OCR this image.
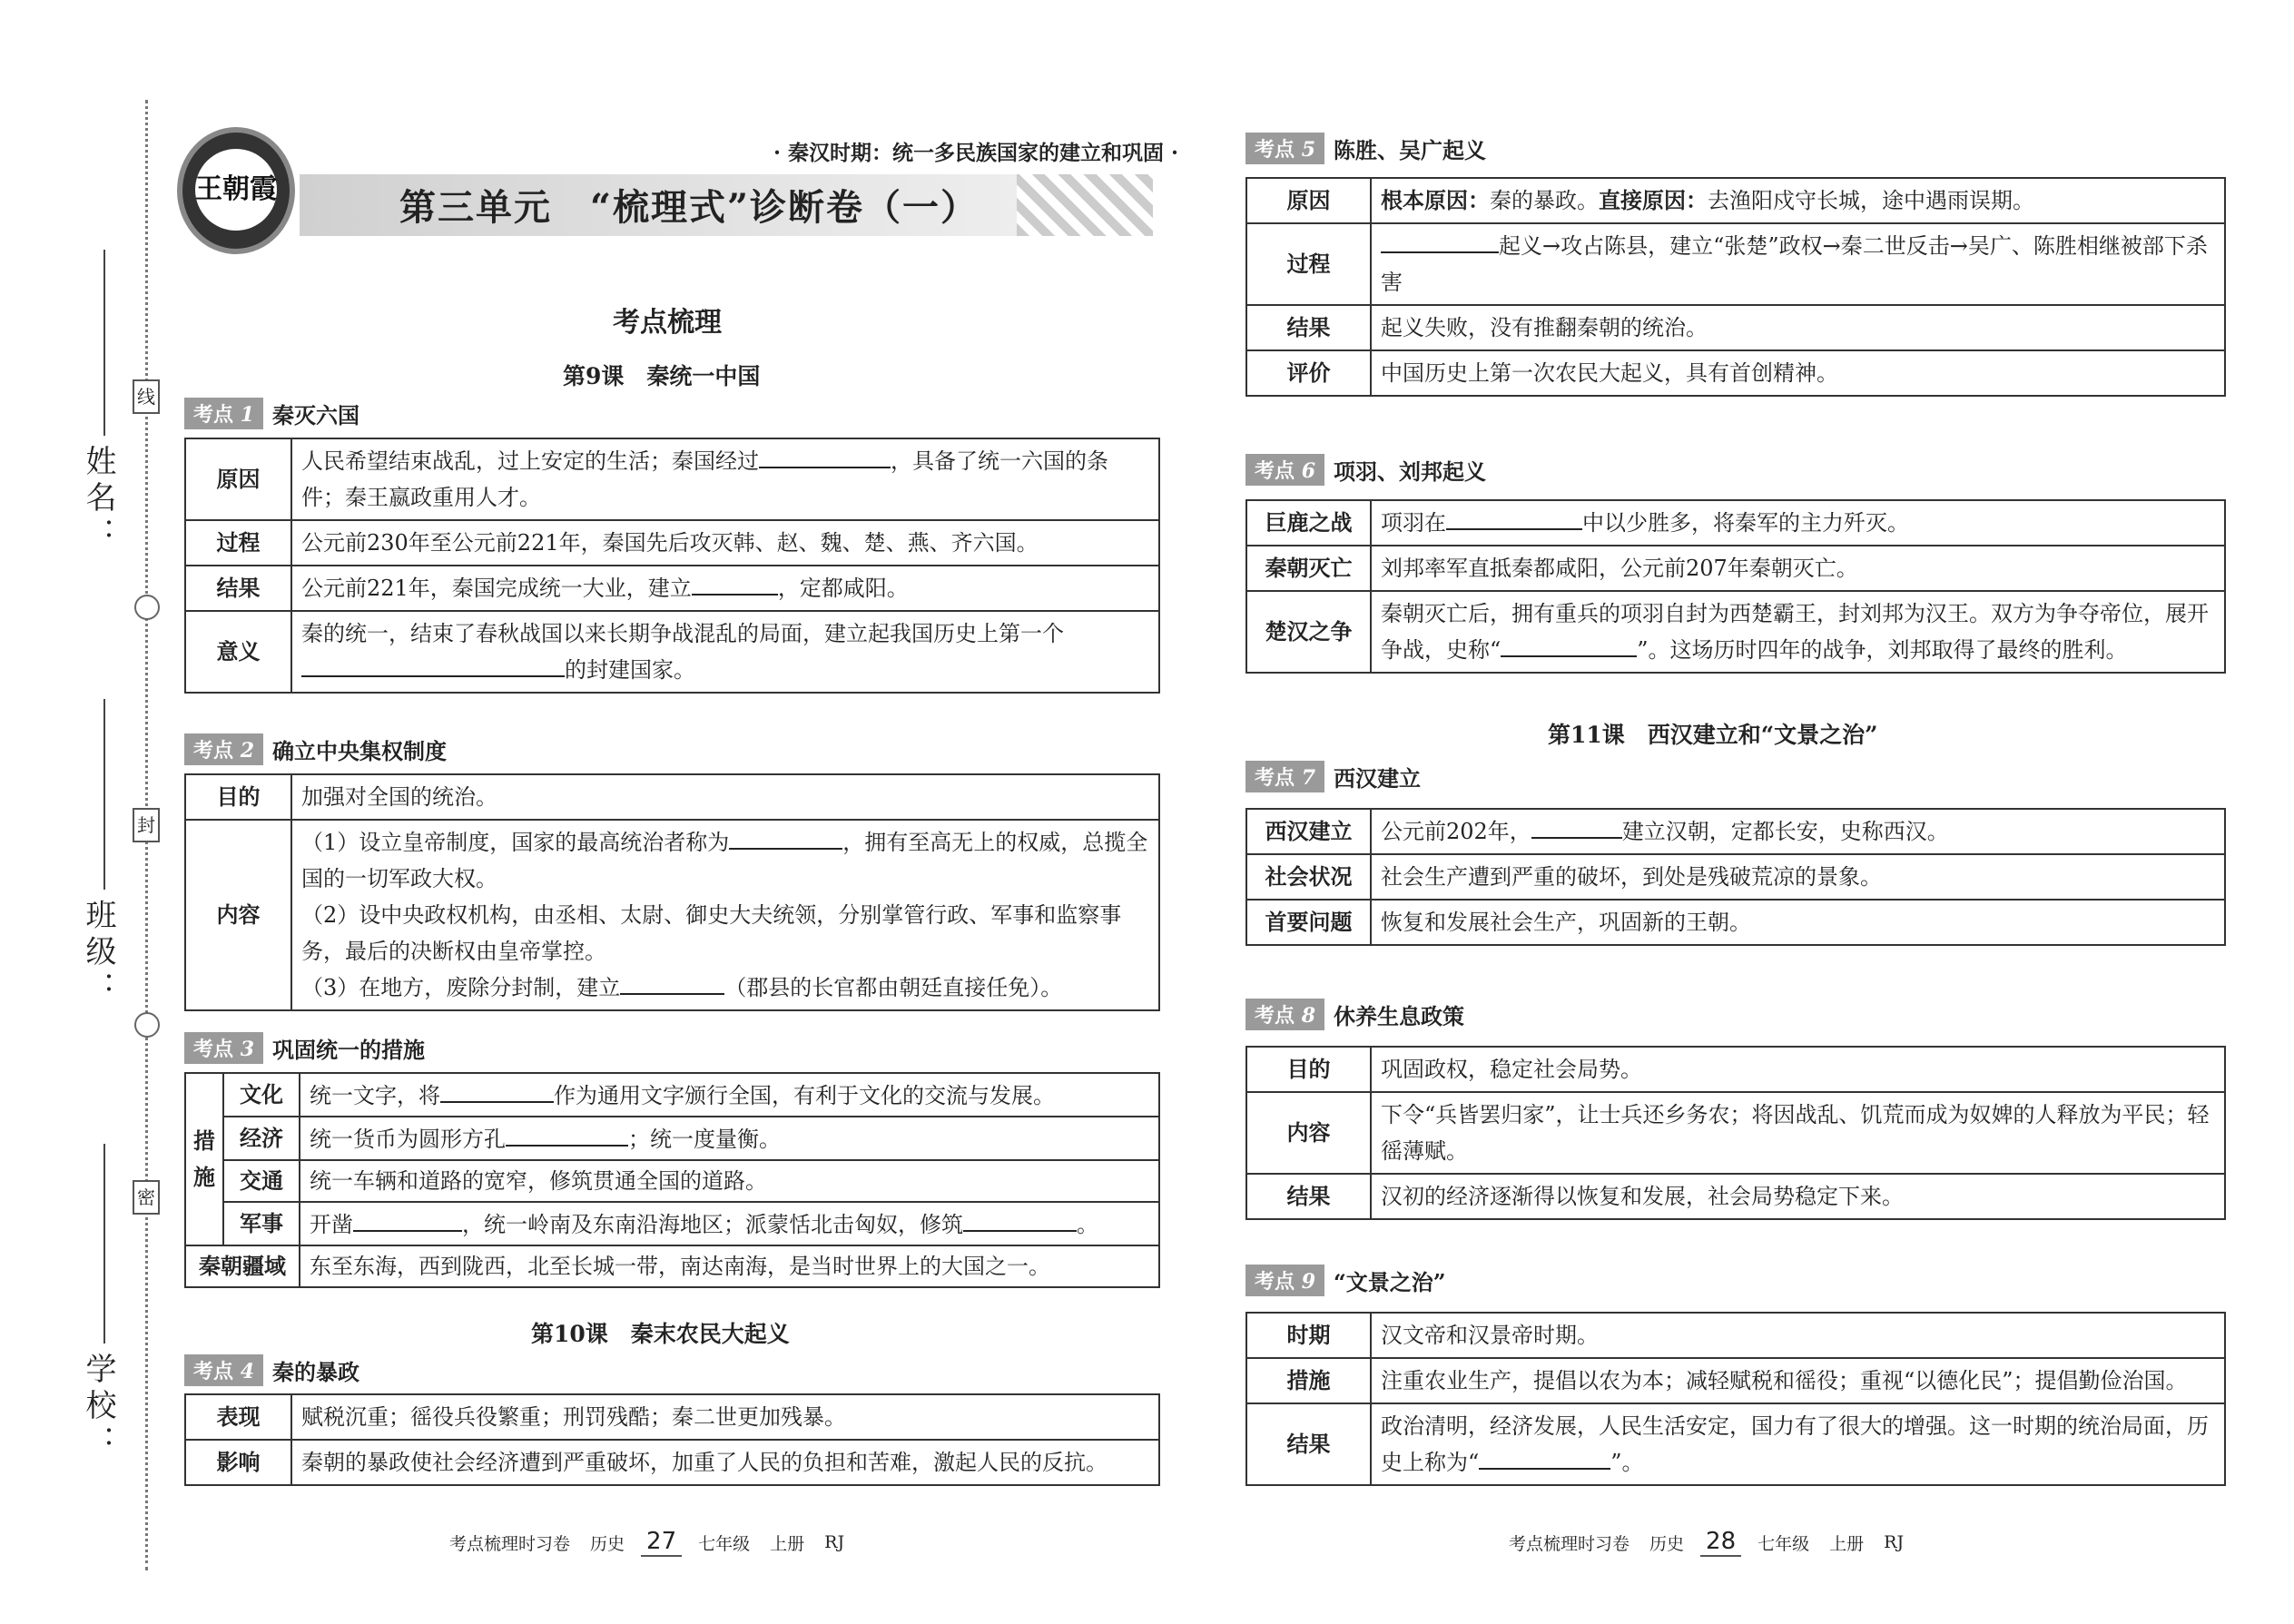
线
封
密
姓名：
班级：
学校：
王朝霞
· 秦汉时期：统一多民族国家的建立和巩固 ·
第三单元　“梳理式”诊断卷（一）
考点梳理
第9课　秦统一中国
考点 1 秦灭六国
原因	人民希望结束战乱，过上安定的生活；秦国经过 ，具备了统一六国的条件；秦王嬴政重用人才。
过程	公元前230年至公元前221年，秦国先后攻灭韩、赵、魏、楚、燕、齐六国。
结果	公元前221年，秦国完成统一大业，建立 ，定都咸阳。
意义	秦的统一，结束了春秋战国以来长期争战混乱的局面，建立起我国历史上第一个的封建国家。
考点 2 确立中央集权制度
目的	加强对全国的统治。
内容	（1）设立皇帝制度，国家的最高统治者称为 ，拥有至高无上的权威，总揽全国的一切军政大权。
（2）设中央政权机构，由丞相、太尉、御史大夫统领，分别掌管行政、军事和监察事务，最后的决断权由皇帝掌控。
（3）在地方，废除分封制，建立 （郡县的长官都由朝廷直接任免）。
考点 3 巩固统一的措施
措施	文化	统一文字，将 作为通用文字颁行全国，有利于文化的交流与发展。
	经济	统一货币为圆形方孔 ；统一度量衡。
	交通	统一车辆和道路的宽窄，修筑贯通全国的道路。
	军事	开凿 ，统一岭南及东南沿海地区；派蒙恬北击匈奴，修筑 。
秦朝疆域		东至东海，西到陇西，北至长城一带，南达南海，是当时世界上的大国之一。
第10课　秦末农民大起义
考点 4 秦的暴政
表现	赋税沉重；徭役兵役繁重；刑罚残酷；秦二世更加残暴。
影响	秦朝的暴政使社会经济遭到严重破坏，加重了人民的负担和苦难，激起人民的反抗。
考点梳理时习卷 历史 27	七年级 上册 RJ
考点 5 陈胜、吴广起义
原因	根本原因：秦的暴政。直接原因：去渔阳戍守长城，途中遇雨误期。
过程	起义→攻占陈县，建立“张楚”政权→秦二世反击→吴广、陈胜相继被部下杀害
结果	起义失败，没有推翻秦朝的统治。
评价	中国历史上第一次农民大起义，具有首创精神。
考点 6 项羽、刘邦起义
巨鹿之战	项羽在 中以少胜多，将秦军的主力歼灭。
秦朝灭亡	刘邦率军直抵秦都咸阳，公元前207年秦朝灭亡。
楚汉之争	秦朝灭亡后，拥有重兵的项羽自封为西楚霸王，封刘邦为汉王。双方为争夺帝位，展开争战，史称“ ”。这场历时四年的战争，刘邦取得了最终的胜利。
第11课　西汉建立和“文景之治”
考点 7 西汉建立
西汉建立	公元前202年， 建立汉朝，定都长安，史称西汉。
社会状况	社会生产遭到严重的破坏，到处是残破荒凉的景象。
首要问题	恢复和发展社会生产，巩固新的王朝。
考点 8 休养生息政策
目的	巩固政权，稳定社会局势。
内容	下令“兵皆罢归家”，让士兵还乡务农；将因战乱、饥荒而成为奴婢的人释放为平民；轻徭薄赋。
结果	汉初的经济逐渐得以恢复和发展，社会局势稳定下来。
考点 9 “文景之治”
时期	汉文帝和汉景帝时期。
措施	注重农业生产，提倡以农为本；减轻赋税和徭役；重视“以德化民”；提倡勤俭治国。
结果	政治清明，经济发展，人民生活安定，国力有了很大的增强。这一时期的统治局面，历史上称为“ ”。
考点梳理时习卷 历史 28	七年级 上册 RJ
